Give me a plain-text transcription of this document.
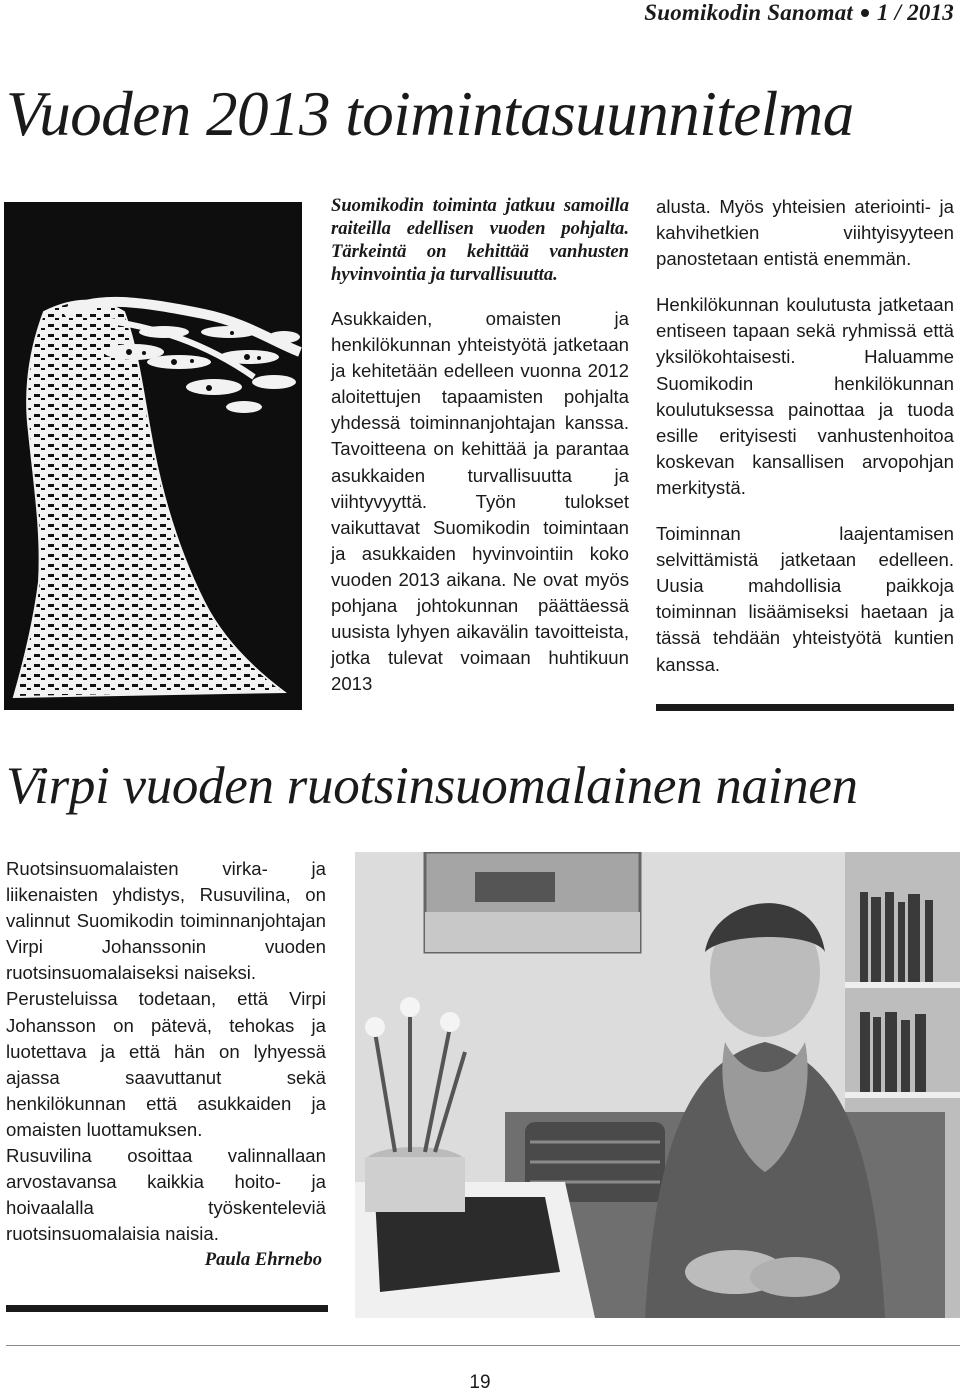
Suomikodin Sanomat 1 / 2013
Vuoden 2013 toimintasuunnitelma

Suomikodin toiminta jatkuu samoilla raiteilla edellisen vuoden pohjalta. Tärkeintä on kehittää vanhusten hyvinvointia ja turvallisuutta.

Asukkaiden, omaisten ja henkilökunnan yhteistyötä jatketaan ja kehitetään edelleen vuonna 2012 aloitettujen tapaamisten pohjalta yhdessä toiminnanjohtajan kanssa. Tavoitteena on kehittää ja parantaa asukkaiden turvallisuutta ja viihtyvyyttä. Työn tulokset vaikuttavat Suomikodin toimintaan ja asukkaiden hyvinvointiin koko vuoden 2013 aikana. Ne ovat myös pohjana johtokunnan päättäessä uusista lyhyen aikavälin tavoitteista, jotka tulevat voimaan huhtikuun 2013

alusta. Myös yhteisien ateriointi- ja kahvihetkien viihtyisyyteen panostetaan entistä enemmän.

Henkilökunnan koulutusta jatketaan entiseen tapaan sekä ryhmissä että yksilökohtaisesti. Haluamme Suomikodin henkilökunnan koulutuksessa painottaa ja tuoda esille erityisesti vanhustenhoitoa koskevan kansallisen arvopohjan merkitystä.

Toiminnan laajentamisen selvittämistä jatketaan edelleen. Uusia mahdollisia paikkoja toiminnan lisäämiseksi haetaan ja tässä tehdään yhteistyötä kuntien kanssa.

Virpi vuoden ruotsinsuomalainen nainen

Ruotsinsuomalaisten virka- ja liikenaisten yhdistys, Rusuvilina, on valinnut Suomikodin toiminnanjohtajan Virpi Johanssonin vuoden ruotsinsuomalaiseksi naiseksi.

Perusteluissa todetaan, että Virpi Johansson on pätevä, tehokas ja luotettava ja että hän on lyhyessä ajassa saavuttanut sekä henkilökunnan että asukkaiden ja omaisten luottamuksen.

Rusuvilina osoittaa valinnallaan arvostavansa kaikkia hoito- ja hoivaalalla työskenteleviä ruotsinsuomalaisia naisia.

Paula Ehrnebo

19
